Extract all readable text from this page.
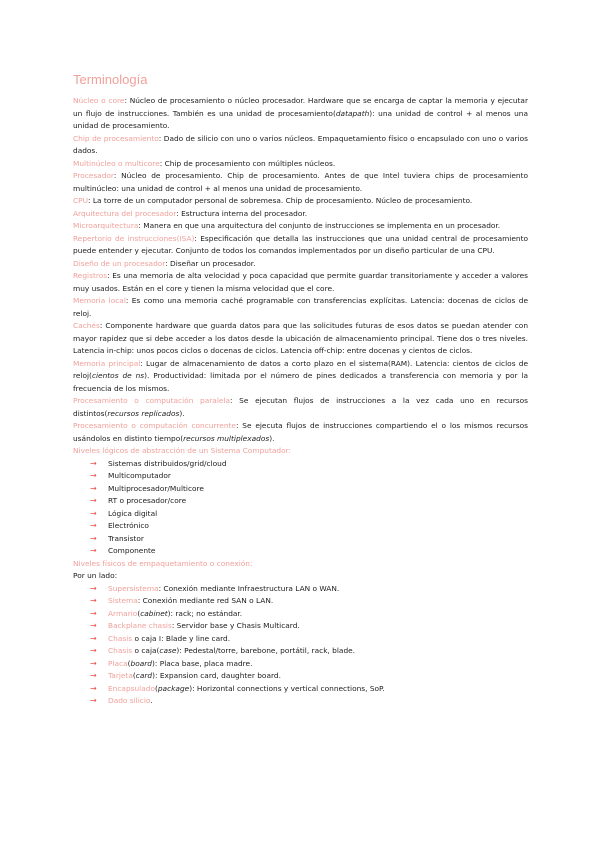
Terminología

Núcleo o core: Núcleo de procesamiento o núcleo procesador. Hardware que se encarga de captar la memoria y ejecutar un flujo de instrucciones. También es una unidad de procesamiento(datapath): una unidad de control + al menos una unidad de procesamiento.

Chip de procesamiento: Dado de silicio con uno o varios núcleos. Empaquetamiento físico o encapsulado con uno o varios dados.

Multinúcleo o multicore: Chip de procesamiento con múltiples núcleos.

Procesador: Núcleo de procesamiento. Chip de procesamiento. Antes de que Intel tuviera chips de procesamiento multinúcleo: una unidad de control + al menos una unidad de procesamiento.

CPU: La torre de un computador personal de sobremesa. Chip de procesamiento. Núcleo de procesamiento.

Arquitectura del procesador: Estructura interna del procesador.

Microarquitectura: Manera en que una arquitectura del conjunto de instrucciones se implementa en un procesador.

Repertorio de instrucciones(ISA): Especificación que detalla las instrucciones que una unidad central de procesamiento puede entender y ejecutar. Conjunto de todos los comandos implementados por un diseño particular de una CPU.

Diseño de un procesador: Diseñar un procesador.

Registros: Es una memoria de alta velocidad y poca capacidad que permite guardar transitoriamente y acceder a valores muy usados. Están en el core y tienen la misma velocidad que el core.

Memoria local: Es como una memoria caché programable con transferencias explícitas. Latencia: docenas de ciclos de reloj.

Cachés: Componente hardware que guarda datos para que las solicitudes futuras de esos datos se puedan atender con mayor rapidez que si debe acceder a los datos desde la ubicación de almacenamiento principal. Tiene dos o tres niveles. Latencia in-chip: unos pocos ciclos o docenas de ciclos. Latencia off-chip: entre docenas y cientos de ciclos.

Memoria principal: Lugar de almacenamiento de datos a corto plazo en el sistema(RAM). Latencia: cientos de ciclos de reloj(cientos de ns). Productividad: limitada por el número de pines dedicados a transferencia con memoria y por la frecuencia de los mismos.

Procesamiento o computación paralela: Se ejecutan flujos de instrucciones a la vez cada uno en recursos distintos(recursos replicados).

Procesamiento o computación concurrente: Se ejecuta flujos de instrucciones compartiendo el o los mismos recursos usándolos en distinto tiempo(recursos multiplexados).

Niveles lógicos de abstracción de un Sistema Computador:

→	Sistemas distribuidos/grid/cloud
→	Multicomputador
→	Multiprocesador/Multicore
→	RT o procesador/core
→	Lógica digital
→	Electrónico
→	Transistor
→	Componente

Niveles físicos de empaquetamiento o conexión:

Por un lado:

→	Supersistema: Conexión mediante Infraestructura LAN o WAN.
→	Sistema: Conexión mediante red SAN o LAN.
→	Armario(cabinet): rack; no estándar.
→	Backplane chasis: Servidor base y Chasis Multicard.
→	Chasis o caja I: Blade y line card.
→	Chasis o caja(case): Pedestal/torre, barebone, portátil, rack, blade.
→	Placa(board): Placa base, placa madre.
→	Tarjeta(card): Expansion card, daughter board.
→	Encapsulado(package): Horizontal connections y vertical connections, SoP.
→	Dado silicio.
